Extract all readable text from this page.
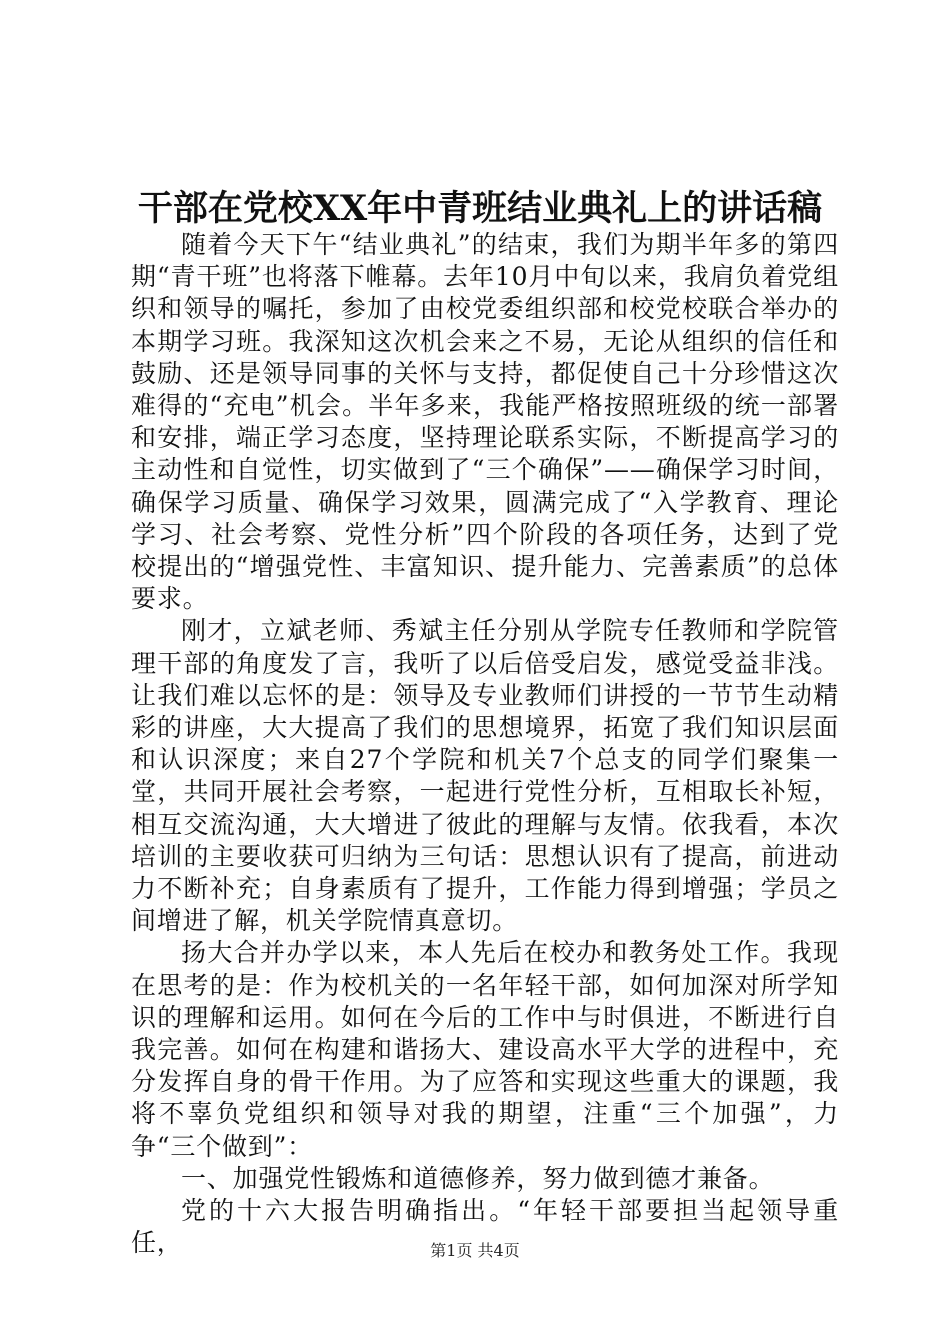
干部在党校XX年中青班结业典礼上的讲话稿

随着今天下午“结业典礼”的结束，我们为期半年多的第四期“青干班”也将落下帷幕。去年10月中旬以来，我肩负着党组织和领导的嘱托，参加了由校党委组织部和校党校联合举办的本期学习班。我深知这次机会来之不易，无论从组织的信任和鼓励、还是领导同事的关怀与支持，都促使自己十分珍惜这次难得的“充电”机会。半年多来，我能严格按照班级的统一部署和安排，端正学习态度，坚持理论联系实际，不断提高学习的主动性和自觉性，切实做到了“三个确保”——确保学习时间，确保学习质量、确保学习效果，圆满完成了“入学教育、理论学习、社会考察、党性分析”四个阶段的各项任务，达到了党校提出的“增强党性、丰富知识、提升能力、完善素质”的总体要求。

刚才，立斌老师、秀斌主任分别从学院专任教师和学院管理干部的角度发了言，我听了以后倍受启发，感觉受益非浅。让我们难以忘怀的是：领导及专业教师们讲授的一节节生动精彩的讲座，大大提高了我们的思想境界，拓宽了我们知识层面和认识深度；来自27个学院和机关7个总支的同学们聚集一堂，共同开展社会考察，一起进行党性分析，互相取长补短，相互交流沟通，大大增进了彼此的理解与友情。依我看，本次培训的主要收获可归纳为三句话：思想认识有了提高，前进动力不断补充；自身素质有了提升，工作能力得到增强；学员之间增进了解，机关学院情真意切。

扬大合并办学以来，本人先后在校办和教务处工作。我现在思考的是：作为校机关的一名年轻干部，如何加深对所学知识的理解和运用。如何在今后的工作中与时俱进，不断进行自我完善。如何在构建和谐扬大、建设高水平大学的进程中，充分发挥自身的骨干作用。为了应答和实现这些重大的课题，我将不辜负党组织和领导对我的期望，注重“三个加强”，力争“三个做到”：

一、加强党性锻炼和道德修养，努力做到德才兼备。

党的十六大报告明确指出。“年轻干部要担当起领导重任，	第1页 共4页
